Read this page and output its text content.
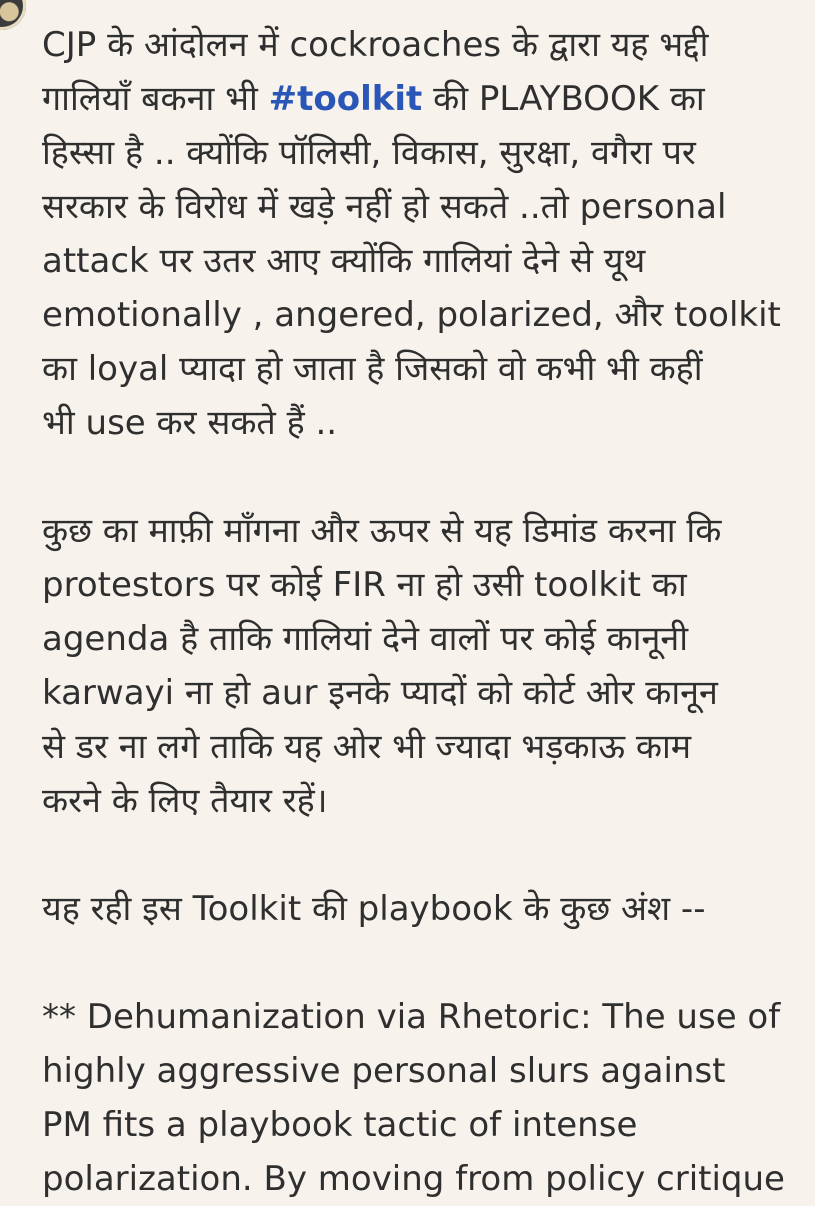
CJP के आंदोलन में cockroaches के द्वारा यह भद्दी
गालियाँ बकना भी #toolkit की PLAYBOOK का
हिस्सा है .. क्योंकि पॉलिसी, विकास, सुरक्षा, वगैरा पर
सरकार के विरोध में खड़े नहीं हो सकते ..तो personal
attack पर उतर आए क्योंकि गालियां देने से यूथ
emotionally , angered, polarized, और toolkit
का loyal प्यादा हो जाता है जिसको वो कभी भी कहीं
भी use कर सकते हैं ..
कुछ का माफ़ी माँगना और ऊपर से यह डिमांड करना कि
protestors पर कोई FIR ना हो उसी toolkit का
agenda है ताकि गालियां देने वालों पर कोई कानूनी
karwayi ना हो aur इनके प्यादों को कोर्ट ओर कानून
से डर ना लगे ताकि यह ओर भी ज्यादा भड़काऊ काम
करने के लिए तैयार रहें।
यह रही इस Toolkit की playbook के कुछ अंश --
** Dehumanization via Rhetoric: The use of
highly aggressive personal slurs against
PM fits a playbook tactic of intense
polarization. By moving from policy critique
